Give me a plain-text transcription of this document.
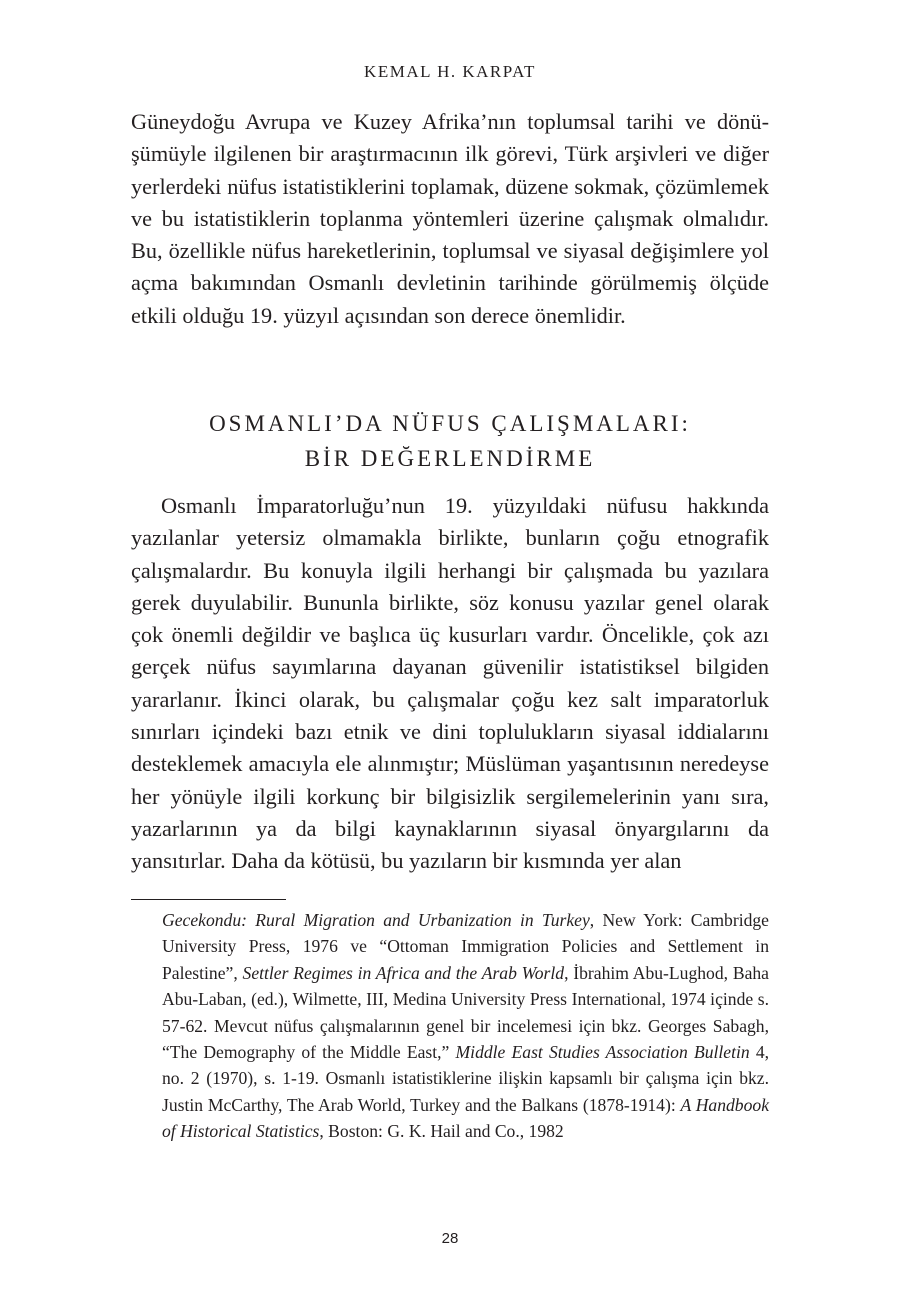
KEMAL H. KARPAT

Güneydoğu Avrupa ve Kuzey Afrika’nın toplumsal tarihi ve dönüşümüyle ilgilenen bir araştırmacının ilk görevi, Türk arşivleri ve diğer yerlerdeki nüfus istatistiklerini toplamak, düzene sokmak, çözümlemek ve bu istatistiklerin toplanma yöntemleri üzerine çalışmak olmalıdır. Bu, özellikle nüfus hareketlerinin, toplumsal ve siyasal değişimlere yol açma bakımından Osmanlı devletinin tarihinde görülmemiş ölçüde etkili olduğu 19. yüzyıl açısından son derece önemlidir.

OSMANLI’DA NÜFUS ÇALIŞMALARI:
BİR DEĞERLENDİRME

Osmanlı İmparatorluğu’nun 19. yüzyıldaki nüfusu hakkında yazılanlar yetersiz olmamakla birlikte, bunların çoğu etnografik çalışmalardır. Bu konuyla ilgili herhangi bir çalışmada bu yazılara gerek duyulabilir. Bununla birlikte, söz konusu yazılar genel olarak çok önemli değildir ve başlıca üç kusurları vardır. Öncelikle, çok azı gerçek nüfus sayımlarına dayanan güvenilir istatistiksel bilgiden yararlanır. İkinci olarak, bu çalışmalar çoğu kez salt imparatorluk sınırları içindeki bazı etnik ve dini toplulukların siyasal iddialarını desteklemek amacıyla ele alınmıştır; Müslüman yaşantısının neredeyse her yönüyle ilgili korkunç bir bilgisizlik sergilemelerinin yanı sıra, yazarlarının ya da bilgi kaynaklarının siyasal önyargılarını da yansıtırlar. Daha da kötüsü, bu yazıların bir kısmında yer alan

Gecekondu: Rural Migration and Urbanization in Turkey, New York: Cambridge University Press, 1976 ve “Ottoman Immigration Policies and Settlement in Palestine”, Settler Regimes in Africa and the Arab World, İbrahim Abu-Lughod, Baha Abu-Laban, (ed.), Wilmette, III, Medina University Press International, 1974 içinde s. 57-62. Mevcut nüfus çalışmalarının genel bir incelemesi için bkz. Georges Sabagh, “The Demography of the Middle East,” Middle East Studies Association Bulletin 4, no. 2 (1970), s. 1-19. Osmanlı istatistiklerine ilişkin kapsamlı bir çalışma için bkz. Justin McCarthy, The Arab World, Turkey and the Balkans (1878-1914): A Handbook of Historical Statistics, Boston: G. K. Hail and Co., 1982

28
